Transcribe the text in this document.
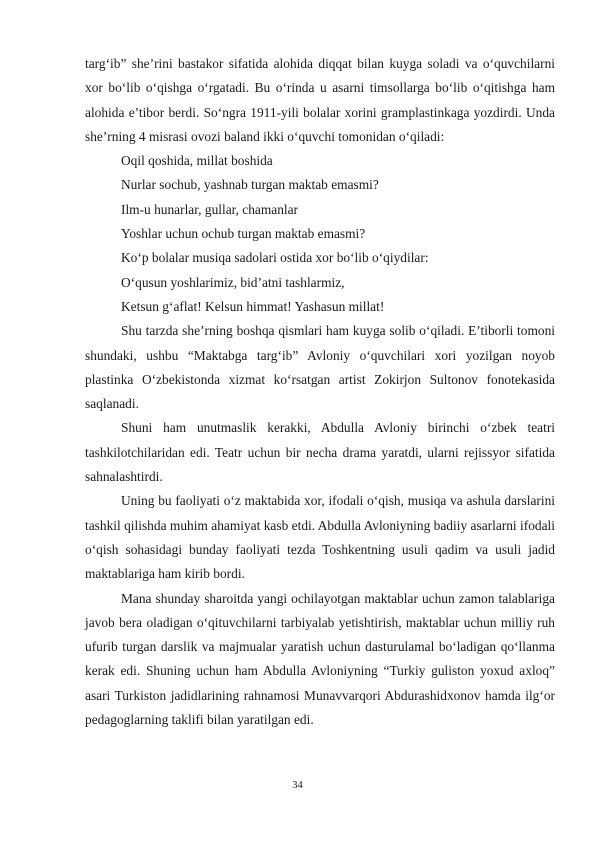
targ‘ib” she’rini bastakor sifatida alohida diqqat bilan kuyga soladi va o‘quvchilarni xor bo‘lib o‘qishga o‘rgatadi. Bu o‘rinda u asarni timsollarga bo‘lib o‘qitishga ham alohida e’tibor berdi. So‘ngra 1911-yili bolalar xorini gramplastinkaga yozdirdi. Unda she’rning 4 misrasi ovozi baland ikki o‘quvchi tomonidan o‘qiladi:

Oqil qoshida, millat boshida

Nurlar sochub, yashnab turgan maktab emasmi?

Ilm-u hunarlar, gullar, chamanlar

Yoshlar uchun ochub turgan maktab emasmi?

Ko‘p bolalar musiqa sadolari ostida xor bo‘lib o‘qiydilar:

O‘qusun yoshlarimiz, bid’atni tashlarmiz,

Ketsun g‘aflat! Kelsun himmat! Yashasun millat!

Shu tarzda she’rning boshqa qismlari ham kuyga solib o‘qiladi. E’tiborli tomoni shundaki, ushbu “Maktabga targ‘ib” Avloniy o‘quvchilari xori yozilgan noyob plastinka O‘zbekistonda xizmat ko‘rsatgan artist Zokirjon Sultonov fonotekasida saqlanadi.

Shuni ham unutmaslik kerakki, Abdulla Avloniy birinchi o‘zbek teatri tashkilotchilaridan edi. Teatr uchun bir necha drama yaratdi, ularni rejissyor sifatida sahnalashtirdi.

Uning bu faoliyati o‘z maktabida xor, ifodali o‘qish, musiqa va ashula darslarini tashkil qilishda muhim ahamiyat kasb etdi. Abdulla Avloniyning badiiy asarlarni ifodali o‘qish sohasidagi bunday faoliyati tezda Toshkentning usuli qadim va usuli jadid maktablariga ham kirib bordi.

Mana shunday sharoitda yangi ochilayotgan maktablar uchun zamon talablariga javob bera oladigan o‘qituvchilarni tarbiyalab yetishtirish, maktablar uchun milliy ruh ufurib turgan darslik va majmualar yaratish uchun dasturulamal bo‘ladigan qo‘llanma kerak edi. Shuning uchun ham Abdulla Avloniyning “Turkiy guliston yoxud axloq” asari Turkiston jadidlarining rahnamosi Munavvarqori Abdurashidxonov hamda ilg‘or pedagoglarning taklifi bilan yaratilgan edi.

34
